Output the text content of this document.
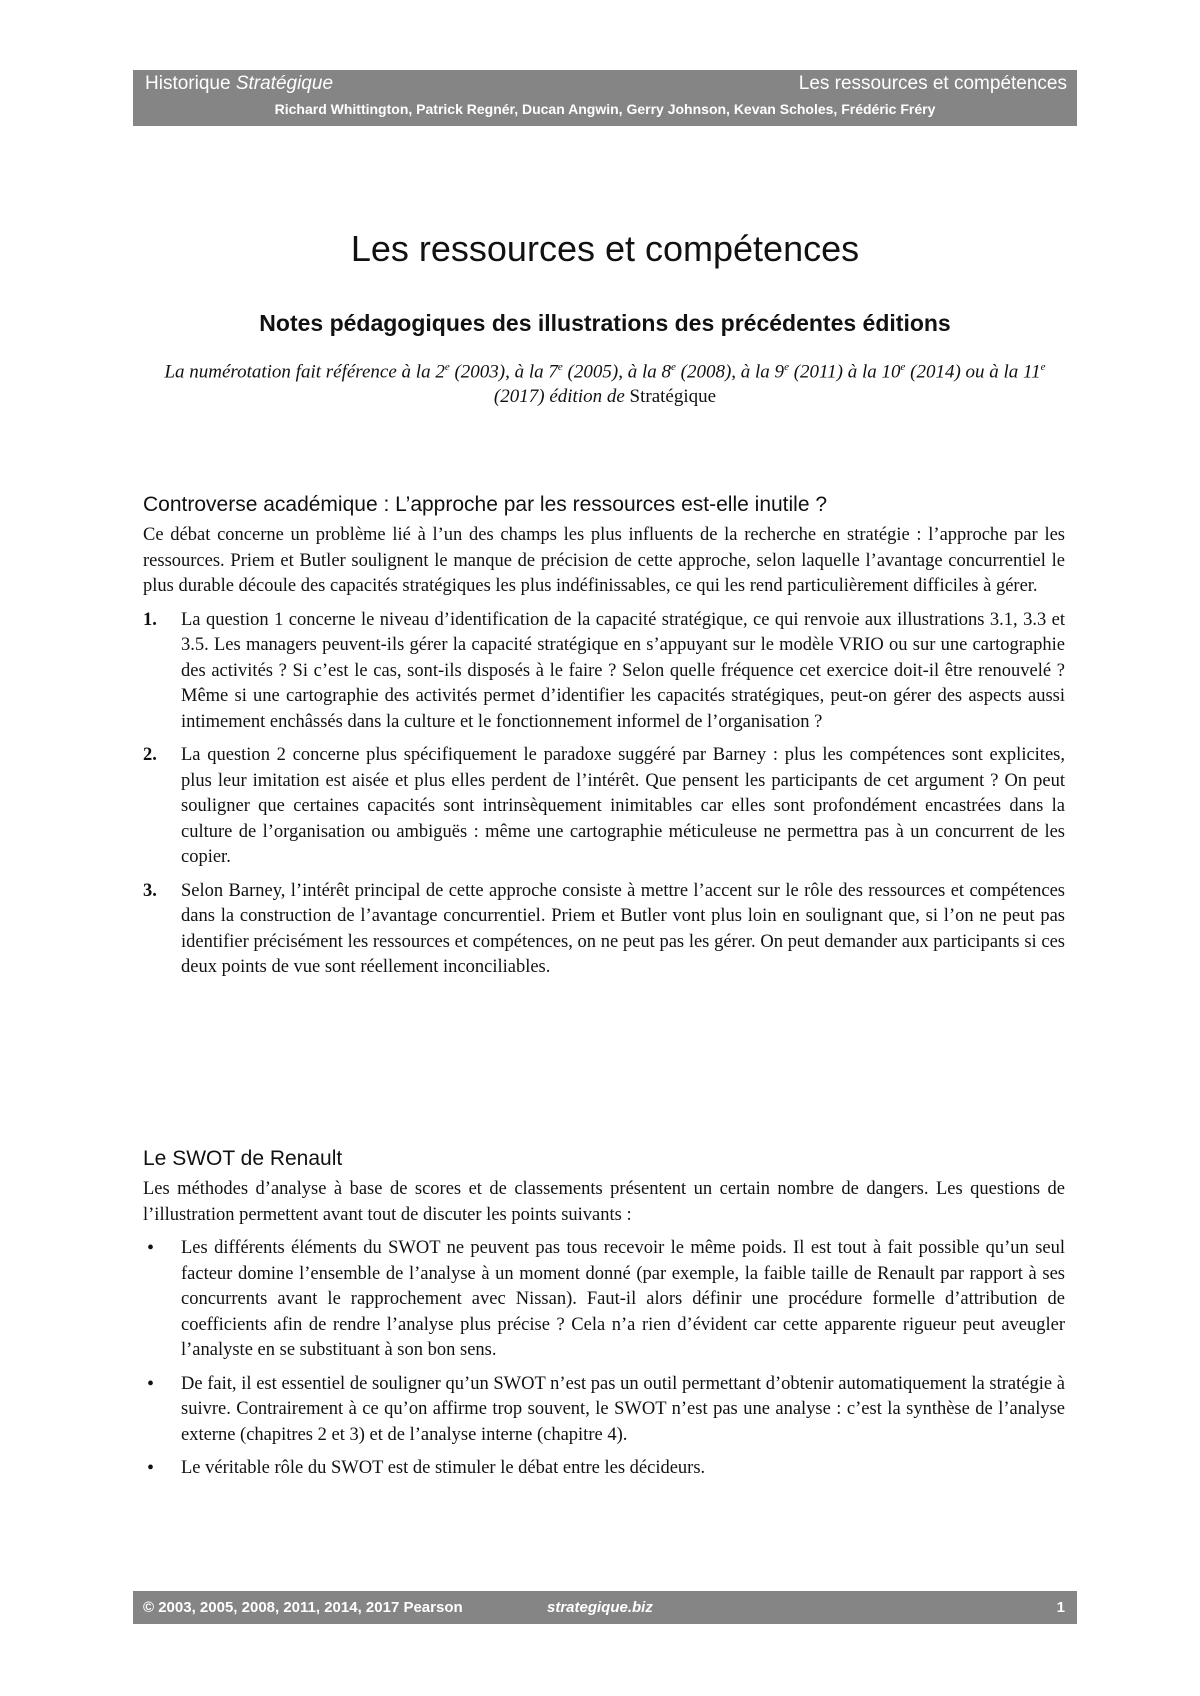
Historique Stratégique	Les ressources et compétences
Richard Whittington, Patrick Regnér, Ducan Angwin, Gerry Johnson, Kevan Scholes, Frédéric Fréry
Les ressources et compétences
Notes pédagogiques des illustrations des précédentes éditions
La numérotation fait référence à la 2e (2003), à la 7e (2005), à la 8e (2008), à la 9e (2011) à la 10e (2014) ou à la 11e (2017) édition de Stratégique
Controverse académique : L’approche par les ressources est-elle inutile ?

Ce débat concerne un problème lié à l’un des champs les plus influents de la recherche en stratégie : l’approche par les ressources. Priem et Butler soulignent le manque de précision de cette approche, selon laquelle l’avantage concurrentiel le plus durable découle des capacités stratégiques les plus indéfinissables, ce qui les rend particulièrement difficiles à gérer.

1. La question 1 concerne le niveau d’identification de la capacité stratégique, ce qui renvoie aux illustrations 3.1, 3.3 et 3.5. Les managers peuvent-ils gérer la capacité stratégique en s’appuyant sur le modèle VRIO ou sur une cartographie des activités ? Si c’est le cas, sont-ils disposés à le faire ? Selon quelle fréquence cet exercice doit-il être renouvelé ? Même si une cartographie des activités permet d’identifier les capacités stratégiques, peut-on gérer des aspects aussi intimement enchâssés dans la culture et le fonctionnement informel de l’organisation ?

2. La question 2 concerne plus spécifiquement le paradoxe suggéré par Barney : plus les compétences sont explicites, plus leur imitation est aisée et plus elles perdent de l’intérêt. Que pensent les participants de cet argument ? On peut souligner que certaines capacités sont intrinsèquement inimitables car elles sont profondément encastrées dans la culture de l’organisation ou ambiguës : même une cartographie méticuleuse ne permettra pas à un concurrent de les copier.

3. Selon Barney, l’intérêt principal de cette approche consiste à mettre l’accent sur le rôle des ressources et compétences dans la construction de l’avantage concurrentiel. Priem et Butler vont plus loin en soulignant que, si l’on ne peut pas identifier précisément les ressources et compétences, on ne peut pas les gérer. On peut demander aux participants si ces deux points de vue sont réellement inconciliables.

Le SWOT de Renault

Les méthodes d’analyse à base de scores et de classements présentent un certain nombre de dangers. Les questions de l’illustration permettent avant tout de discuter les points suivants :

• Les différents éléments du SWOT ne peuvent pas tous recevoir le même poids. Il est tout à fait possible qu’un seul facteur domine l’ensemble de l’analyse à un moment donné (par exemple, la faible taille de Renault par rapport à ses concurrents avant le rapprochement avec Nissan). Faut-il alors définir une procédure formelle d’attribution de coefficients afin de rendre l’analyse plus précise ? Cela n’a rien d’évident car cette apparente rigueur peut aveugler l’analyste en se substituant à son bon sens.

• De fait, il est essentiel de souligner qu’un SWOT n’est pas un outil permettant d’obtenir automatiquement la stratégie à suivre. Contrairement à ce qu’on affirme trop souvent, le SWOT n’est pas une analyse : c’est la synthèse de l’analyse externe (chapitres 2 et 3) et de l’analyse interne (chapitre 4).

• Le véritable rôle du SWOT est de stimuler le débat entre les décideurs.

© 2003, 2005, 2008, 2011, 2014, 2017 Pearson	strategique.biz	1
